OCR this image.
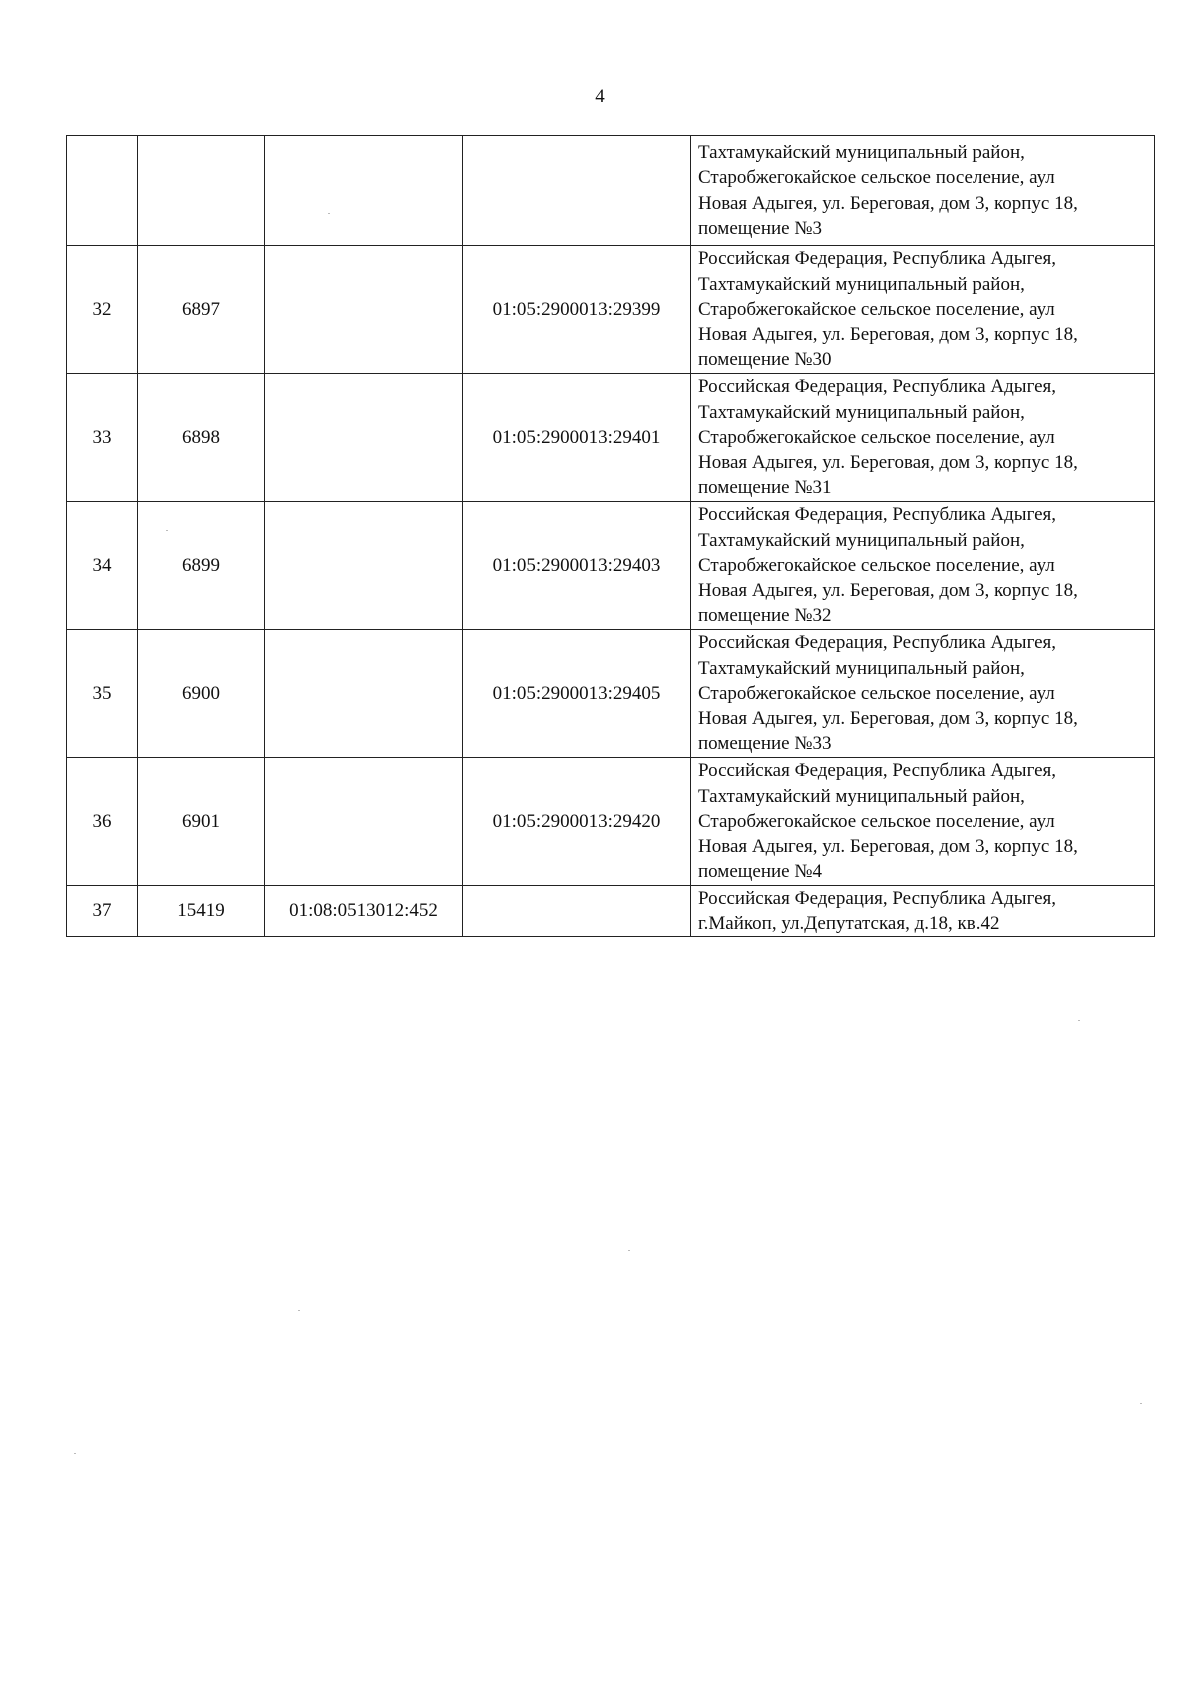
4

				Тахтамукайский муниципальный район,
Старобжегокайское сельское поселение, аул
Новая Адыгея, ул. Береговая, дом 3, корпус 18,
помещение №3

32	6897		01:05:2900013:29399	Российская Федерация, Республика Адыгея,
Тахтамукайский муниципальный район,
Старобжегокайское сельское поселение, аул
Новая Адыгея, ул. Береговая, дом 3, корпус 18,
помещение №30

33	6898		01:05:2900013:29401	Российская Федерация, Республика Адыгея,
Тахтамукайский муниципальный район,
Старобжегокайское сельское поселение, аул
Новая Адыгея, ул. Береговая, дом 3, корпус 18,
помещение №31

34	6899		01:05:2900013:29403	Российская Федерация, Республика Адыгея,
Тахтамукайский муниципальный район,
Старобжегокайское сельское поселение, аул
Новая Адыгея, ул. Береговая, дом 3, корпус 18,
помещение №32

35	6900		01:05:2900013:29405	Российская Федерация, Республика Адыгея,
Тахтамукайский муниципальный район,
Старобжегокайское сельское поселение, аул
Новая Адыгея, ул. Береговая, дом 3, корпус 18,
помещение №33

36	6901		01:05:2900013:29420	Российская Федерация, Республика Адыгея,
Тахтамукайский муниципальный район,
Старобжегокайское сельское поселение, аул
Новая Адыгея, ул. Береговая, дом 3, корпус 18,
помещение №4

37	15419	01:08:0513012:452		Российская Федерация, Республика Адыгея,
г.Майкоп, ул.Депутатская, д.18, кв.42
